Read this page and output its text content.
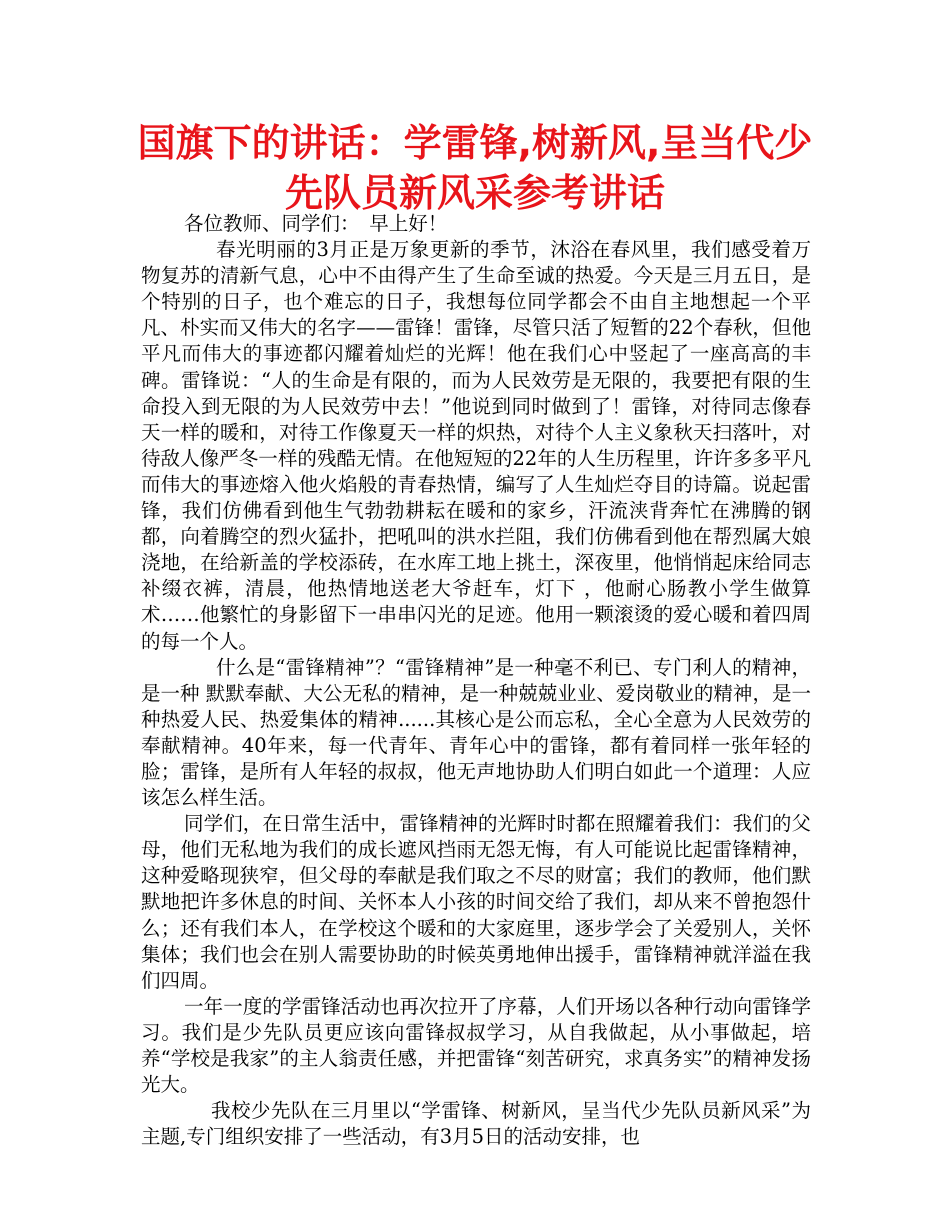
国旗下的讲话：学雷锋,树新风,呈当代少先队员新风采参考讲话

各位教师、同学们：　早上好！

春光明丽的3月正是万象更新的季节，沐浴在春风里，我们感受着万物复苏的清新气息，心中不由得产生了生命至诚的热爱。今天是三月五日，是个特别的日子，也个难忘的日子，我想每位同学都会不由自主地想起一个平凡、朴实而又伟大的名字——雷锋！雷锋，尽管只活了短暂的22个春秋，但他平凡而伟大的事迹都闪耀着灿烂的光辉！他在我们心中竖起了一座高高的丰碑。雷锋说：“人的生命是有限的，而为人民效劳是无限的，我要把有限的生命投入到无限的为人民效劳中去！”他说到同时做到了！雷锋，对待同志像春天一样的暖和，对待工作像夏天一样的炽热，对待个人主义象秋天扫落叶，对待敌人像严冬一样的残酷无情。在他短短的22年的人生历程里，许许多多平凡而伟大的事迹熔入他火焰般的青春热情，编写了人生灿烂夺目的诗篇。说起雷锋，我们仿佛看到他生气勃勃耕耘在暖和的家乡，汗流浃背奔忙在沸腾的钢都，向着腾空的烈火猛扑，把吼叫的洪水拦阻，我们仿佛看到他在帮烈属大娘浇地，在给新盖的学校添砖，在水库工地上挑土，深夜里，他悄悄起床给同志补缀衣裤，清晨，他热情地送老大爷赶车，灯下 ，他耐心肠教小学生做算术……他繁忙的身影留下一串串闪光的足迹。他用一颗滚烫的爱心暖和着四周的每一个人。

什么是“雷锋精神”？“雷锋精神”是一种毫不利已、专门利人的精神，是一种 默默奉献、大公无私的精神，是一种兢兢业业、爱岗敬业的精神，是一种热爱人民、热爱集体的精神......其核心是公而忘私，全心全意为人民效劳的奉献精神。40年来，每一代青年、青年心中的雷锋，都有着同样一张年轻的脸；雷锋，是所有人年轻的叔叔，他无声地协助人们明白如此一个道理：人应该怎么样生活。

同学们，在日常生活中，雷锋精神的光辉时时都在照耀着我们：我们的父母，他们无私地为我们的成长遮风挡雨无怨无悔，有人可能说比起雷锋精神，这种爱略现狭窄，但父母的奉献是我们取之不尽的财富；我们的教师，他们默默地把许多休息的时间、关怀本人小孩的时间交给了我们，却从来不曾抱怨什么；还有我们本人，在学校这个暖和的大家庭里，逐步学会了关爱别人，关怀集体；我们也会在别人需要协助的时候英勇地伸出援手，雷锋精神就洋溢在我们四周。

一年一度的学雷锋活动也再次拉开了序幕，人们开场以各种行动向雷锋学习。我们是少先队员更应该向雷锋叔叔学习，从自我做起，从小事做起，培养“学校是我家”的主人翁责任感，并把雷锋“刻苦研究，求真务实”的精神发扬光大。

我校少先队在三月里以“学雷锋、树新风，呈当代少先队员新风采”为主题,专门组织安排了一些活动，有3月5日的活动安排，也
